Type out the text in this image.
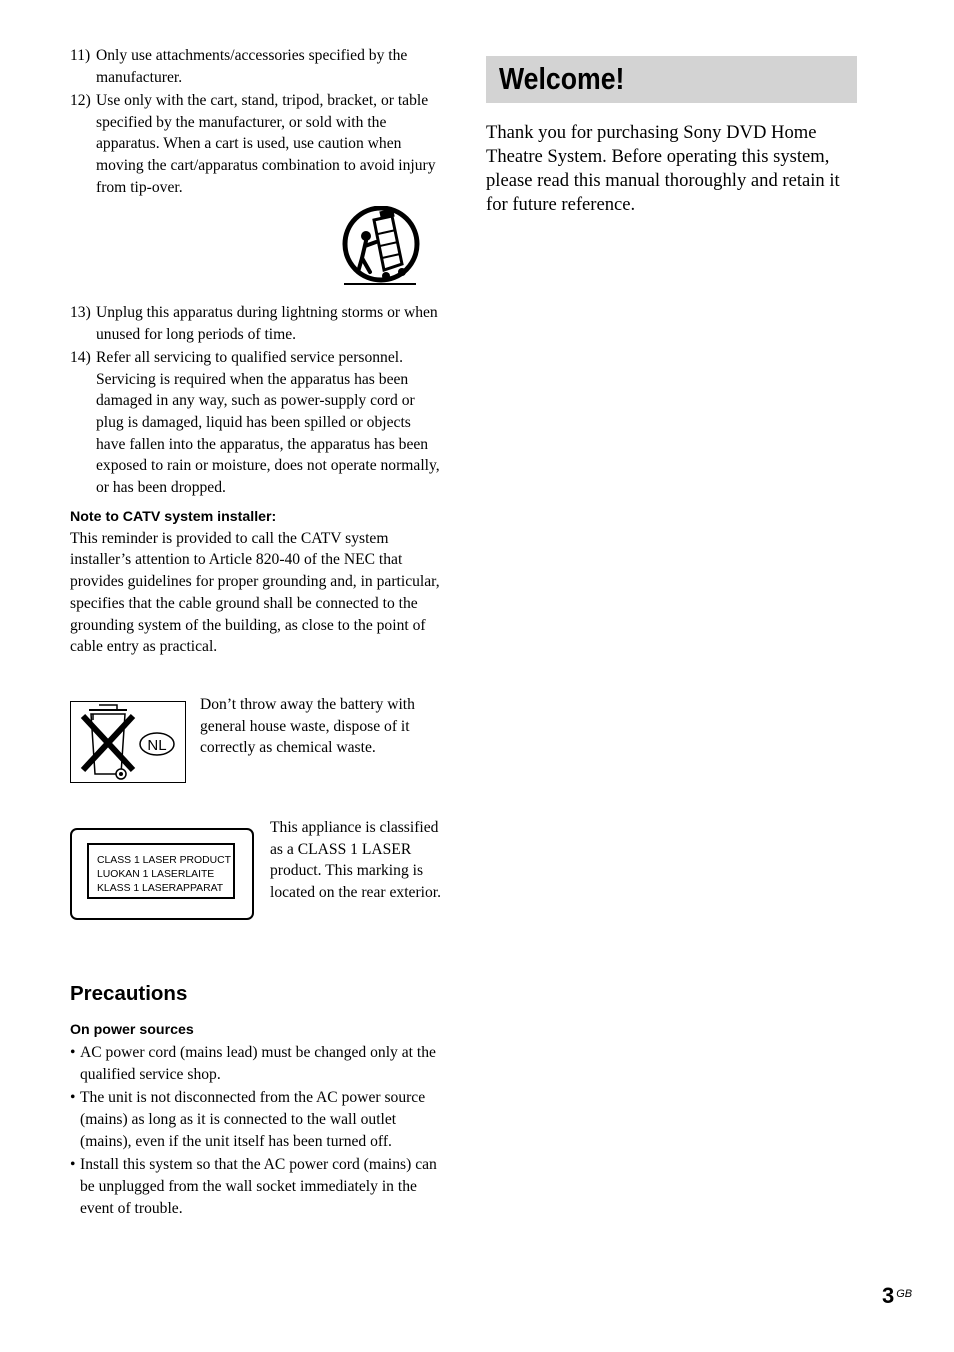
11) Only use attachments/accessories specified by the manufacturer.
12) Use only with the cart, stand, tripod, bracket, or table specified by the manufacturer, or sold with the apparatus. When a cart is used, use caution when moving the cart/apparatus combination to avoid injury from tip-over.
13) Unplug this apparatus during lightning storms or when unused for long periods of time.
14) Refer all servicing to qualified service personnel. Servicing is required when the apparatus has been damaged in any way, such as power-supply cord or plug is damaged, liquid has been spilled or objects have fallen into the apparatus, the apparatus has been exposed to rain or moisture, does not operate normally, or has been dropped.
Note to CATV system installer:

This reminder is provided to call the CATV system installer’s attention to Article 820-40 of the NEC that provides guidelines for proper grounding and, in particular, specifies that the cable ground shall be connected to the grounding system of the building, as close to the point of cable entry as practical.

NL
Don’t throw away the battery with general house waste, dispose of it correctly as chemical waste.
CLASS 1 LASER PRODUCT
LUOKAN 1 LASERLAITE
KLASS 1 LASERAPPARAT
This appliance is classified as a CLASS 1 LASER product. This marking is located on the rear exterior.
Precautions
On power sources
• AC power cord (mains lead) must be changed only at the qualified service shop.
• The unit is not disconnected from the AC power source (mains) as long as it is connected to the wall outlet (mains), even if the unit itself has been turned off.
• Install this system so that the AC power cord (mains) can be unplugged from the wall socket immediately in the event of trouble.
Welcome!

Thank you for purchasing Sony DVD Home Theatre System. Before operating this system, please read this manual thoroughly and retain it for future reference.

3 $^{GB}$
